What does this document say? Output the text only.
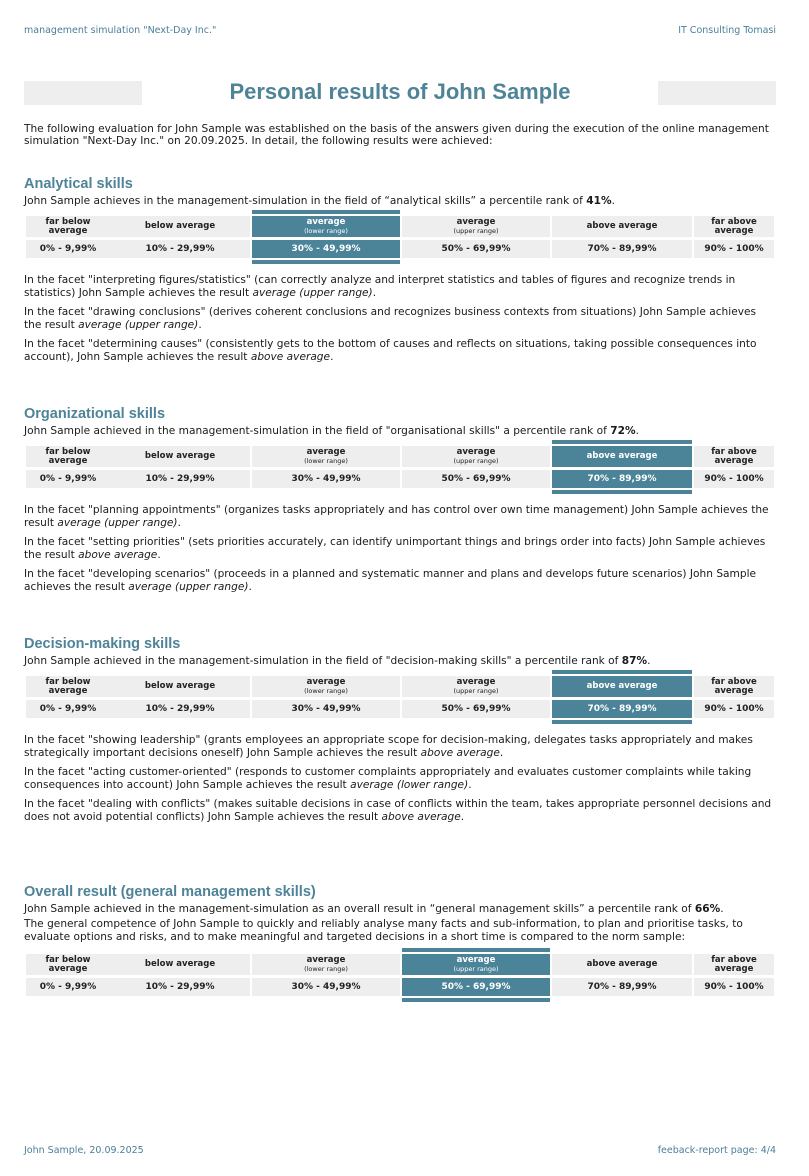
management simulation "Next-Day Inc."	IT Consulting Tomasi
Personal results of John Sample
The following evaluation for John Sample was established on the basis of the answers given during the execution of the online management simulation "Next-Day Inc." on 20.09.2025. In detail, the following results were achieved:
Analytical skills
John Sample achieves in the management-simulation in the field of “analytical skills” a percentile rank of 41%.
far below average
0% - 9,99%
below average
10% - 29,99%
average
(lower range)
30% - 49,99%
average
(upper range)
50% - 69,99%
above average
70% - 89,99%
far above average
90% - 100%

In the facet "interpreting figures/statistics" (can correctly analyze and interpret statistics and tables of figures and recognize trends in statistics) John Sample achieves the result average (upper range).

In the facet "drawing conclusions" (derives coherent conclusions and recognizes business contexts from situations) John Sample achieves the result average (upper range).

In the facet "determining causes" (consistently gets to the bottom of causes and reflects on situations, taking possible consequences into account), John Sample achieves the result above average.

Organizational skills
John Sample achieved in the management-simulation in the field of "organisational skills" a percentile rank of 72%.
far below average
0% - 9,99%
below average
10% - 29,99%
average
(lower range)
30% - 49,99%
average
(upper range)
50% - 69,99%
above average
70% - 89,99%
far above average
90% - 100%

In the facet "planning appointments" (organizes tasks appropriately and has control over own time management) John Sample achieves the result average (upper range).

In the facet "setting priorities" (sets priorities accurately, can identify unimportant things and brings order into facts) John Sample achieves the result above average.

In the facet "developing scenarios" (proceeds in a planned and systematic manner and plans and develops future scenarios) John Sample achieves the result average (upper range).

Decision-making skills
John Sample achieved in the management-simulation in the field of "decision-making skills" a percentile rank of 87%.
far below average
0% - 9,99%
below average
10% - 29,99%
average
(lower range)
30% - 49,99%
average
(upper range)
50% - 69,99%
above average
70% - 89,99%
far above average
90% - 100%

In the facet "showing leadership" (grants employees an appropriate scope for decision-making, delegates tasks appropriately and makes strategically important decisions oneself) John Sample achieves the result above average.

In the facet "acting customer-oriented" (responds to customer complaints appropriately and evaluates customer complaints while taking consequences into account) John Sample achieves the result average (lower range).

In the facet "dealing with conflicts" (makes suitable decisions in case of conflicts within the team, takes appropriate personnel decisions and does not avoid potential conflicts) John Sample achieves the result above average.

Overall result (general management skills)
John Sample achieved in the management-simulation as an overall result in “general management skills” a percentile rank of 66%.
The general competence of John Sample to quickly and reliably analyse many facts and sub-information, to plan and prioritise tasks, to evaluate options and risks, and to make meaningful and targeted decisions in a short time is compared to the norm sample:
far below average
0% - 9,99%
below average
10% - 29,99%
average
(lower range)
30% - 49,99%
average
(upper range)
50% - 69,99%
above average
70% - 89,99%
far above average
90% - 100%
John Sample, 20.09.2025	feeback-report page: 4/4
